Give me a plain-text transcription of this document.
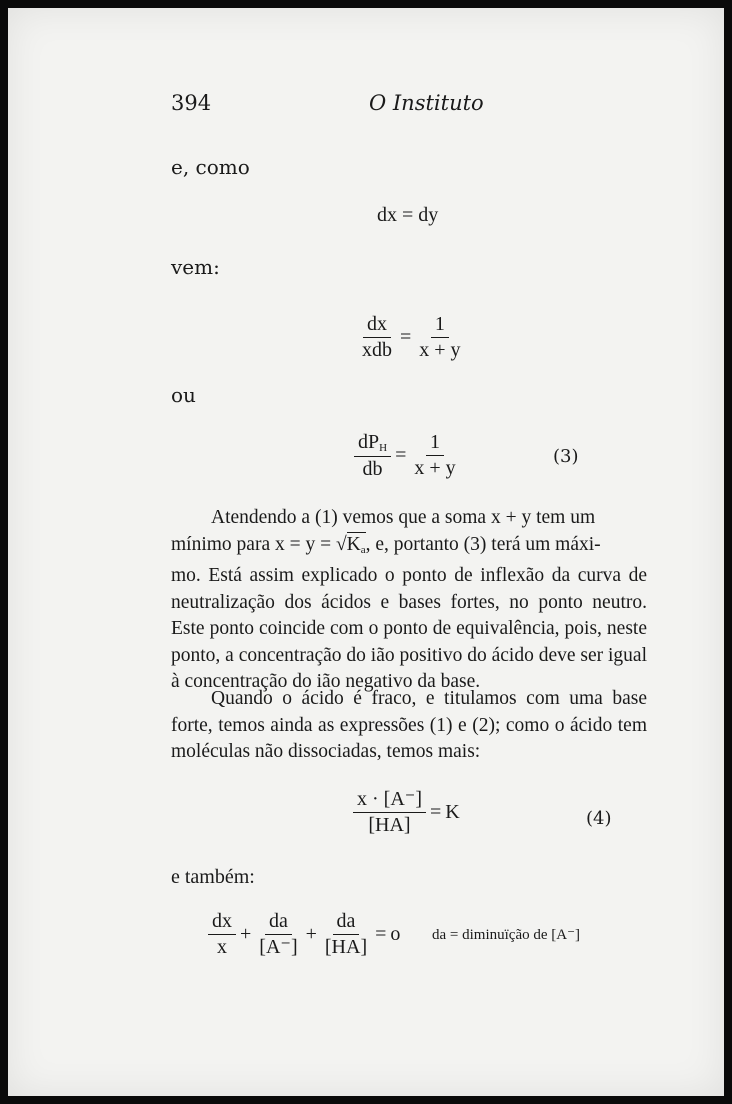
394	O Instituto
e, como
dx = dy
vem:
$\frac{dx}{\text{xdb}} = \frac{1}{x + y}$
ou
$\frac{dP_H}{db} = \frac{1}{x + y}$	(3)
Atendendo a (1) vemos que a soma x + y tem um
mínimo para $x = y = √K_a$, e, portanto (3) terá um máxi-
mo. Está assim explicado o ponto de inflexão da curva de neutralização dos ácidos e bases fortes, no ponto neutro. Este ponto coincide com o ponto de equivalência, pois, neste ponto, a concentração do ião positivo do ácido deve ser igual à concentração do ião negativo da base.
Quando o ácido é fraco, e titulamos com uma base forte, temos ainda as expressões (1) e (2); como o ácido tem moléculas não dissociadas, temos mais:
$\frac{x \cdot [A^-]}{[HA]} = K$	(4)
e também:
$\frac{dx}{x} + \frac{da}{[A^-]} + \frac{da}{[HA]} = o$ da = diminuïção de [A⁻]
